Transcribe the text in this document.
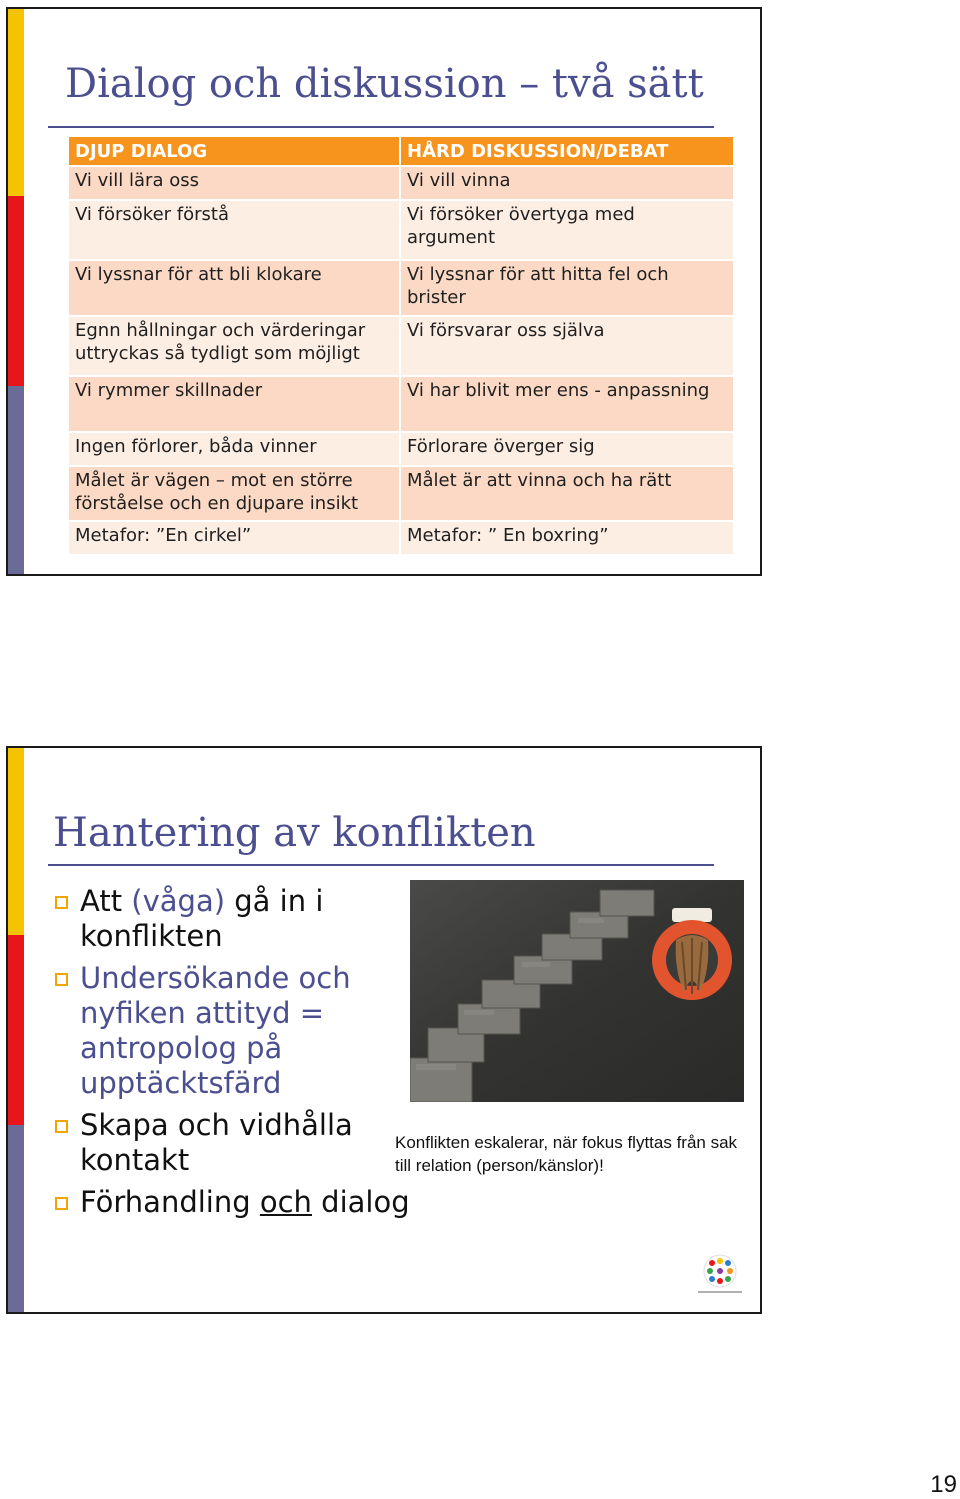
Dialog och diskussion – två sätt
DJUP DIALOG	HÅRD DISKUSSION/DEBAT
Vi vill lära oss	Vi vill vinna
Vi försöker förstå	Vi försöker övertyga med argument
Vi lyssnar för att bli klokare	Vi lyssnar för att hitta fel och brister
Egnn hållningar och värderingar uttryckas så tydligt som möjligt	Vi försvarar oss själva
Vi rymmer skillnader	Vi har blivit mer ens - anpassning
Ingen förlorer, båda vinner	Förlorare överger sig
Målet är vägen – mot en större förståelse och en djupare insikt	Målet är att vinna och ha rätt
Metafor: ”En cirkel”	Metafor: ” En boxring”
Hantering av konflikten
Att (våga) gå in i konflikten
Undersökande och nyfiken attityd = antropolog på upptäcktsfärd
Skapa och vidhålla kontakt
Förhandling och dialog

Konflikten eskalerar, när fokus flyttas från sak till relation (person/känslor)!

19
